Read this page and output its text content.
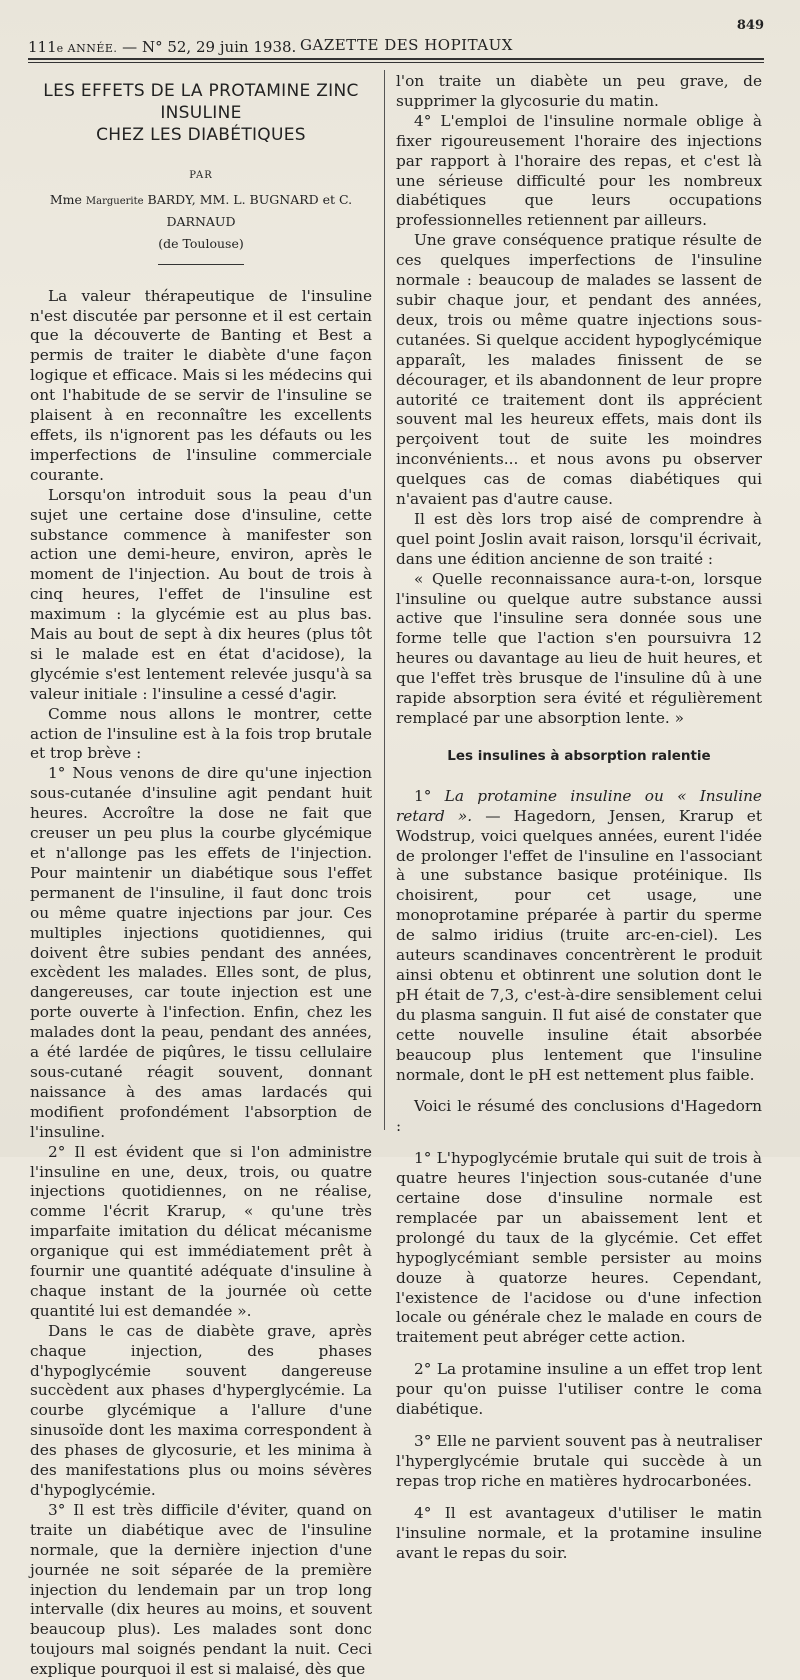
111e ANNÉE. — N° 52, 29 juin 1938. GAZETTE DES HOPITAUX
849
LES EFFETS DE LA PROTAMINE ZINC INSULINE
CHEZ LES DIABÉTIQUES
PAR
Mme Marguerite BARDY, MM. L. BUGNARD et C. DARNAUD
(de Toulouse)

La valeur thérapeutique de l'insuline n'est discutée par personne et il est certain que la découverte de Banting et Best a permis de traiter le diabète d'une façon logique et efficace. Mais si les médecins qui ont l'habitude de se servir de l'insuline se plaisent à en reconnaître les excellents effets, ils n'ignorent pas les défauts ou les imperfections de l'insuline commerciale courante.

Lorsqu'on introduit sous la peau d'un sujet une certaine dose d'insuline, cette substance commence à manifester son action une demi-heure, environ, après le moment de l'injection. Au bout de trois à cinq heures, l'effet de l'insuline est maximum : la glycémie est au plus bas. Mais au bout de sept à dix heures (plus tôt si le malade est en état d'acidose), la glycémie s'est lentement relevée jusqu'à sa valeur initiale : l'insuline a cessé d'agir.

Comme nous allons le montrer, cette action de l'insuline est à la fois trop brutale et trop brève :

1° Nous venons de dire qu'une injection sous-cutanée d'insuline agit pendant huit heures. Accroître la dose ne fait que creuser un peu plus la courbe glycémique et n'allonge pas les effets de l'injection. Pour maintenir un diabétique sous l'effet permanent de l'insuline, il faut donc trois ou même quatre injections par jour. Ces multiples injections quotidiennes, qui doivent être subies pendant des années, excèdent les malades. Elles sont, de plus, dangereuses, car toute injection est une porte ouverte à l'infection. Enfin, chez les malades dont la peau, pendant des années, a été lardée de piqûres, le tissu cellulaire sous-cutané réagit souvent, donnant naissance à des amas lardacés qui modifient profondément l'absorption de l'insuline.

2° Il est évident que si l'on administre l'insuline en une, deux, trois, ou quatre injections quotidiennes, on ne réalise, comme l'écrit Krarup, « qu'une très imparfaite imitation du délicat mécanisme organique qui est immédiatement prêt à fournir une quantité adéquate d'insuline à chaque instant de la journée où cette quantité lui est demandée ».

Dans le cas de diabète grave, après chaque injection, des phases d'hypoglycémie souvent dangereuse succèdent aux phases d'hyperglycémie. La courbe glycémique a l'allure d'une sinusoïde dont les maxima correspondent à des phases de glycosurie, et les minima à des manifestations plus ou moins sévères d'hypoglycémie.

3° Il est très difficile d'éviter, quand on traite un diabétique avec de l'insuline normale, que la dernière injection d'une journée ne soit séparée de la première injection du lendemain par un trop long intervalle (dix heures au moins, et souvent beaucoup plus). Les malades sont donc toujours mal soignés pendant la nuit. Ceci explique pourquoi il est si malaisé, dès que

l'on traite un diabète un peu grave, de supprimer la glycosurie du matin.

4° L'emploi de l'insuline normale oblige à fixer rigoureusement l'horaire des injections par rapport à l'horaire des repas, et c'est là une sérieuse difficulté pour les nombreux diabétiques que leurs occupations professionnelles retiennent par ailleurs.

Une grave conséquence pratique résulte de ces quelques imperfections de l'insuline normale : beaucoup de malades se lassent de subir chaque jour, et pendant des années, deux, trois ou même quatre injections sous-cutanées. Si quelque accident hypoglycémique apparaît, les malades finissent de se décourager, et ils abandonnent de leur propre autorité ce traitement dont ils apprécient souvent mal les heureux effets, mais dont ils perçoivent tout de suite les moindres inconvénients... et nous avons pu observer quelques cas de comas diabétiques qui n'avaient pas d'autre cause.

Il est dès lors trop aisé de comprendre à quel point Joslin avait raison, lorsqu'il écrivait, dans une édition ancienne de son traité :

« Quelle reconnaissance aura-t-on, lorsque l'insuline ou quelque autre substance aussi active que l'insuline sera donnée sous une forme telle que l'action s'en poursuivra 12 heures ou davantage au lieu de huit heures, et que l'effet très brusque de l'insuline dû à une rapide absorption sera évité et régulièrement remplacé par une absorption lente. »

Les insulines à absorption ralentie

1° La protamine insuline ou « Insuline retard ». — Hagedorn, Jensen, Krarup et Wodstrup, voici quelques années, eurent l'idée de prolonger l'effet de l'insuline en l'associant à une substance basique protéinique. Ils choisirent, pour cet usage, une monoprotamine préparée à partir du sperme de salmo iridius (truite arc-en-ciel). Les auteurs scandinaves concentrèrent le produit ainsi obtenu et obtinrent une solution dont le pH était de 7,3, c'est-à-dire sensiblement celui du plasma sanguin. Il fut aisé de constater que cette nouvelle insuline était absorbée beaucoup plus lentement que l'insuline normale, dont le pH est nettement plus faible.

Voici le résumé des conclusions d'Hagedorn :

1° L'hypoglycémie brutale qui suit de trois à quatre heures l'injection sous-cutanée d'une certaine dose d'insuline normale est remplacée par un abaissement lent et prolongé du taux de la glycémie. Cet effet hypoglycémiant semble persister au moins douze à quatorze heures. Cependant, l'existence de l'acidose ou d'une infection locale ou générale chez le malade en cours de traitement peut abréger cette action.

2° La protamine insuline a un effet trop lent pour qu'on puisse l'utiliser contre le coma diabétique.

3° Elle ne parvient souvent pas à neutraliser l'hyperglycémie brutale qui succède à un repas trop riche en matières hydrocarbonées.

4° Il est avantageux d'utiliser le matin l'insuline normale, et la protamine insuline avant le repas du soir.
